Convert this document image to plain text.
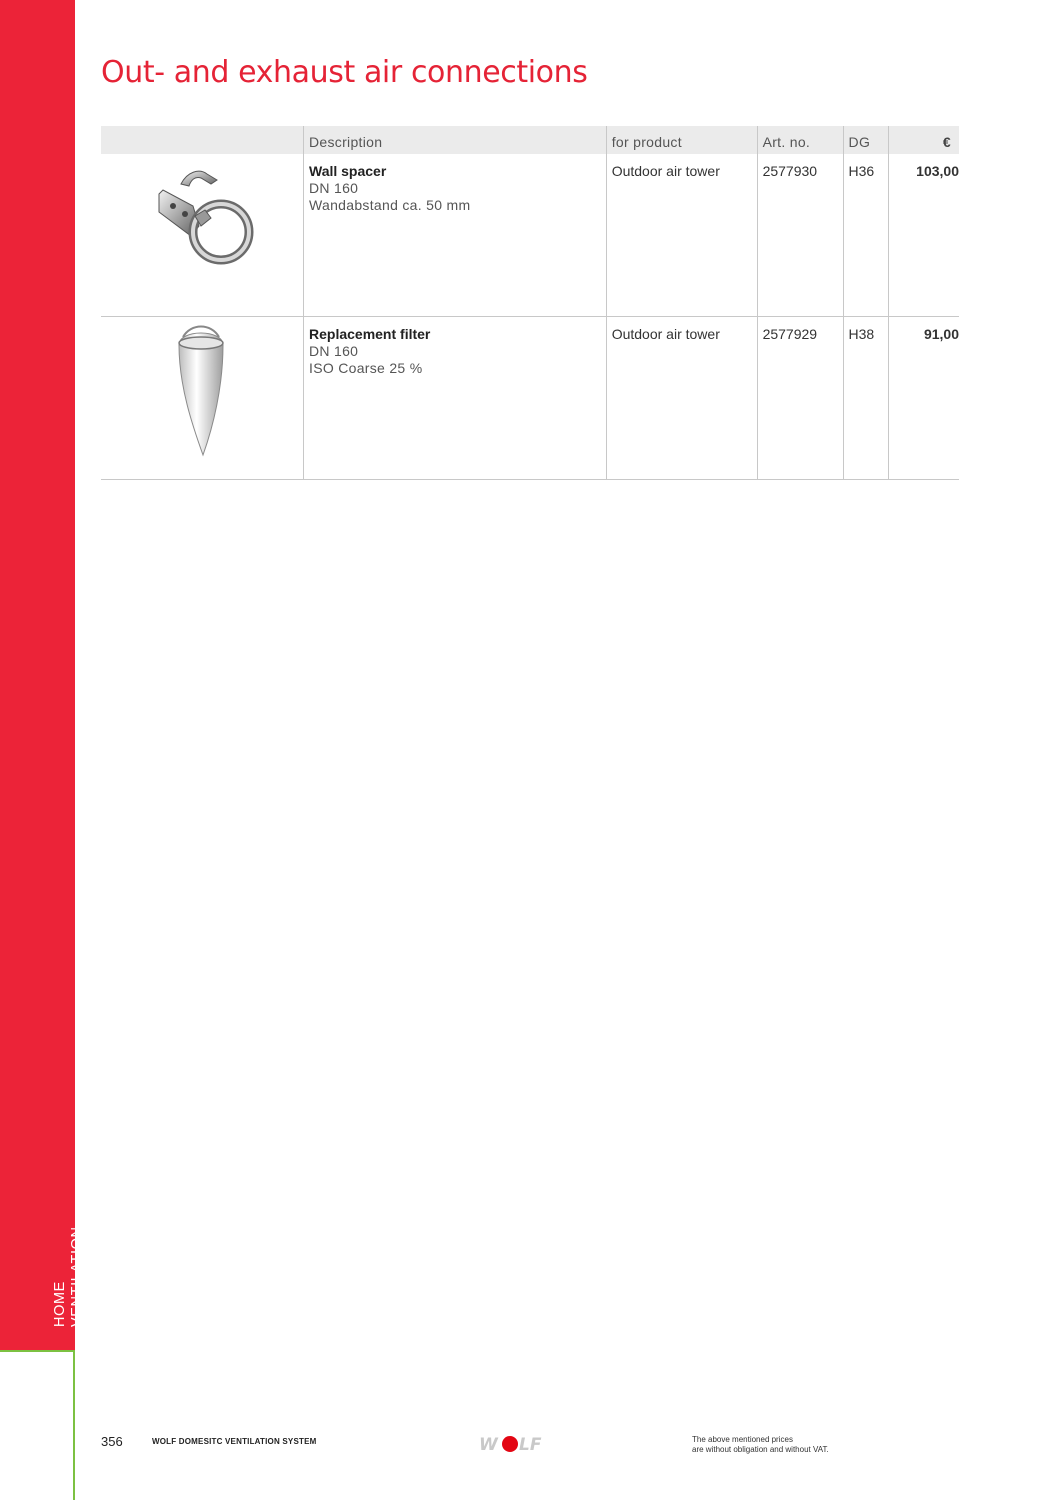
HOME VENTILATION
Out- and exhaust air connections
	Description	for product	Art. no.	DG	€

Wall spacer
DN 160
Wandabstand ca. 50 mm	Outdoor air tower	2577930	H36	103,00

Replacement filter
DN 160
ISO Coarse 25 %	Outdoor air tower	2577929	H38	91,00
356	WOLF DOMESITC VENTILATION SYSTEM	W LF	The above mentioned prices
are without obligation and without VAT.
